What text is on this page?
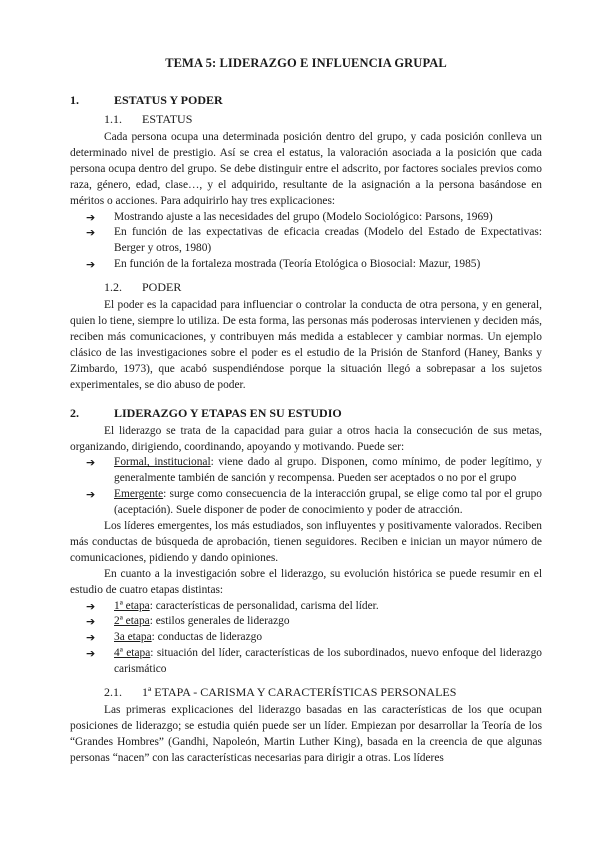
TEMA 5: LIDERAZGO E INFLUENCIA GRUPAL
1.	ESTATUS Y PODER
1.1.	ESTATUS

Cada persona ocupa una determinada posición dentro del grupo, y cada posición conlleva un determinado nivel de prestigio. Así se crea el estatus, la valoración asociada a la posición que cada persona ocupa dentro del grupo. Se debe distinguir entre el adscrito, por factores sociales previos como raza, género, edad, clase…, y el adquirido, resultante de la asignación a la persona basándose en méritos o acciones. Para adquirirlo hay tres explicaciones:

➔	Mostrando ajuste a las necesidades del grupo (Modelo Sociológico: Parsons, 1969)
➔	En función de las expectativas de eficacia creadas (Modelo del Estado de Expectativas: Berger y otros, 1980)
➔	En función de la fortaleza mostrada (Teoría Etológica o Biosocial: Mazur, 1985)
1.2.	PODER

El poder es la capacidad para influenciar o controlar la conducta de otra persona, y en general, quien lo tiene, siempre lo utiliza. De esta forma, las personas más poderosas intervienen y deciden más, reciben más comunicaciones, y contribuyen más medida a establecer y cambiar normas. Un ejemplo clásico de las investigaciones sobre el poder es el estudio de la Prisión de Stanford (Haney, Banks y Zimbardo, 1973), que acabó suspendiéndose porque la situación llegó a sobrepasar a los sujetos experimentales, se dio abuso de poder.

2.	LIDERAZGO Y ETAPAS EN SU ESTUDIO

El liderazgo se trata de la capacidad para guiar a otros hacia la consecución de sus metas, organizando, dirigiendo, coordinando, apoyando y motivando. Puede ser:

➔	Formal, institucional: viene dado al grupo. Disponen, como mínimo, de poder legítimo, y generalmente también de sanción y recompensa. Pueden ser aceptados o no por el grupo
➔	Emergente: surge como consecuencia de la interacción grupal, se elige como tal por el grupo (aceptación). Suele disponer de poder de conocimiento y poder de atracción.

Los líderes emergentes, los más estudiados, son influyentes y positivamente valorados. Reciben más conductas de búsqueda de aprobación, tienen seguidores. Reciben e inician un mayor número de comunicaciones, pidiendo y dando opiniones.

En cuanto a la investigación sobre el liderazgo, su evolución histórica se puede resumir en el estudio de cuatro etapas distintas:

➔	1ª etapa: características de personalidad, carisma del líder.
➔	2ª etapa: estilos generales de liderazgo
➔	3a etapa: conductas de liderazgo
➔	4ª etapa: situación del líder, características de los subordinados, nuevo enfoque del liderazgo carismático
2.1.	1ª ETAPA - CARISMA Y CARACTERÍSTICAS PERSONALES

Las primeras explicaciones del liderazgo basadas en las características de los que ocupan posiciones de liderazgo; se estudia quién puede ser un líder. Empiezan por desarrollar la Teoría de los “Grandes Hombres” (Gandhi, Napoleón, Martin Luther King), basada en la creencia de que algunas personas “nacen” con las características necesarias para dirigir a otras. Los líderes
